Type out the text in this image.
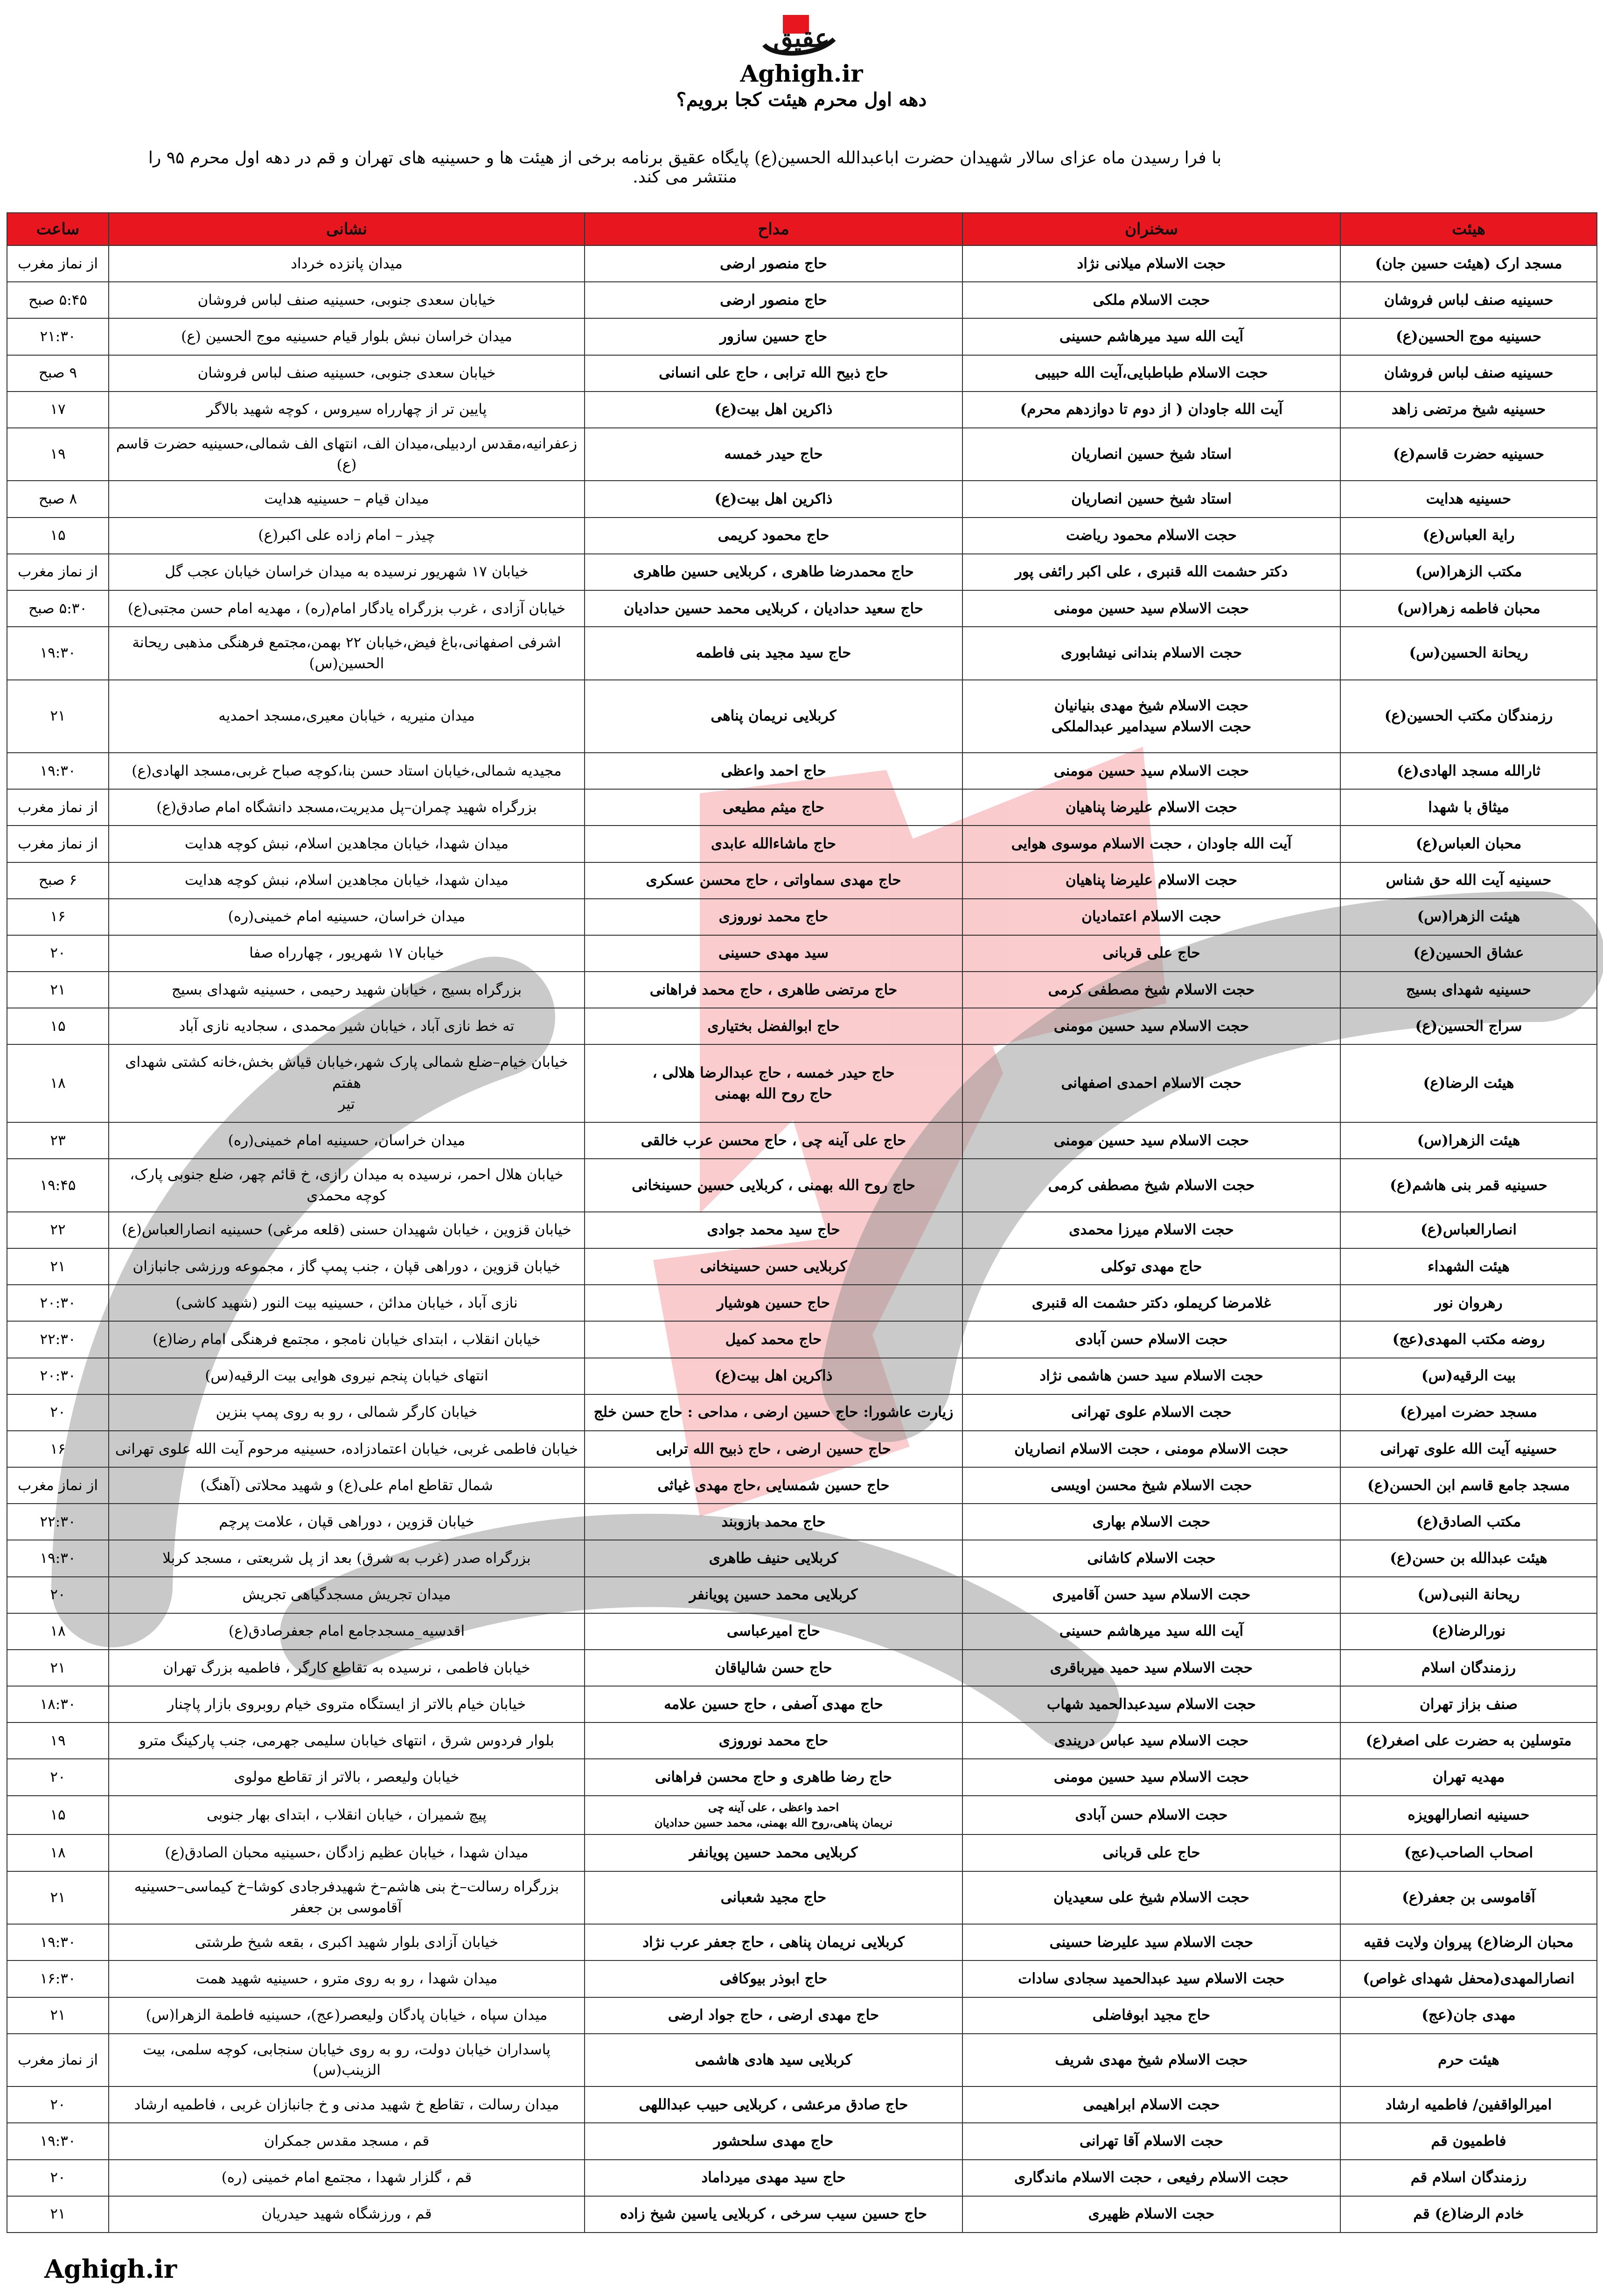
عقیق
Aghigh.ir
دهه اول محرم هیئت کجا برویم؟
با فرا رسیدن ماه عزای سالار شهیدان حضرت اباعبدالله الحسین(ع) پایگاه عقیق برنامه برخی از هیئت ها و حسینیه های تهران و قم در دهه اول محرم ۹۵ را منتشر می کند.
هیئت	سخنران	مداح	نشانی	ساعت

مسجد ارک (هیئت حسین جان)	حجت الاسلام میلانی نژاد	حاج منصور ارضی	میدان پانزده خرداد	از نماز مغرب

حسینیه صنف لباس فروشان	حجت الاسلام ملکی	حاج منصور ارضی	خیابان سعدی جنوبی، حسینیه صنف لباس فروشان	۵:۴۵ صبح

حسینیه موج الحسین(ع)	آیت الله سید میرهاشم حسینی	حاج حسین سازور	میدان خراسان نبش بلوار قیام حسینیه موج الحسین (ع)	۲۱:۳۰

حسینیه صنف لباس فروشان	حجت الاسلام طباطبایی،آیت الله حبیبی	حاج ذبیح الله ترابی ، حاج علی انسانی	خیابان سعدی جنوبی، حسینیه صنف لباس فروشان	۹ صبح

حسینیه شیخ مرتضی زاهد	آیت الله جاودان ( از دوم تا دوازدهم محرم)	ذاکرین اهل بیت(ع)	پایین تر از چهارراه سیروس ، کوچه شهید بالاگر	۱۷

حسینیه حضرت قاسم(ع)	استاد شیخ حسین انصاریان	حاج حیدر خمسه	زعفرانیه،مقدس اردبیلی،میدان الف، انتهای الف شمالی،حسینیه حضرت قاسم (ع)	۱۹

حسینیه هدایت	استاد شیخ حسین انصاریان	ذاکرین اهل بیت(ع)	میدان قیام – حسینیه هدایت	۸ صبح

رایة العباس(ع)	حجت الاسلام محمود ریاضت	حاج محمود کریمی	چیذر – امام زاده علی اکبر(ع)	۱۵

مکتب الزهرا(س)	دکتر حشمت الله قنبری ، علی اکبر رائفی پور	حاج محمدرضا طاهری ، کربلایی حسین طاهری	خیابان ۱۷ شهریور نرسیده به میدان خراسان خیابان عجب گل	از نماز مغرب

محبان فاطمه زهرا(س)	حجت الاسلام سید حسین مومنی	حاج سعید حدادیان ، کربلایی محمد حسین حدادیان	خیابان آزادی ، غرب بزرگراه یادگار امام(ره) ، مهدیه امام حسن مجتبی(ع)	۵:۳۰ صبح

ریحانة الحسین(س)	حجت الاسلام بندانی نیشابوری	حاج سید مجید بنی فاطمه	اشرفی اصفهانی،باغ فیض،خیابان ۲۲ بهمن،مجتمع فرهنگی مذهبی ریحانة الحسین(س)	۱۹:۳۰

رزمندگان مکتب الحسین(ع)	حجت الاسلام شیخ مهدی بنیانیان
حجت الاسلام سیدامیر عبدالملکی	کربلایی نریمان پناهی	میدان منیریه ، خیابان معیری،مسجد احمدیه	۲۱

ثارالله مسجد الهادی(ع)	حجت الاسلام سید حسین مومنی	حاج احمد واعظی	مجیدیه شمالی،خیابان استاد حسن بنا،کوچه صباح غربی،مسجد الهادی(ع)	۱۹:۳۰

میثاق با شهدا	حجت الاسلام علیرضا پناهیان	حاج میثم مطیعی	بزرگراه شهید چمران–پل مدیریت،مسجد دانشگاه امام صادق(ع)	از نماز مغرب

محبان العباس(ع)	آیت الله جاودان ، حجت الاسلام موسوی هوایی	حاج ماشاءالله عابدی	میدان شهدا، خیابان مجاهدین اسلام، نبش کوچه هدایت	از نماز مغرب

حسینیه آیت الله حق شناس	حجت الاسلام علیرضا پناهیان	حاج مهدی سماواتی ، حاج محسن عسکری	میدان شهدا، خیابان مجاهدین اسلام، نبش کوچه هدایت	۶ صبح

هیئت الزهرا(س)	حجت الاسلام اعتمادیان	حاج محمد نوروزی	میدان خراسان، حسینیه امام خمینی(ره)	۱۶

عشاق الحسین(ع)	حاج علی قربانی	سید مهدی حسینی	خیابان ۱۷ شهریور ، چهارراه صفا	۲۰

حسینیه شهدای بسیج	حجت الاسلام شیخ مصطفی کرمی	حاج مرتضی طاهری ، حاج محمد فراهانی	بزرگراه بسیج ، خیابان شهید رحیمی ، حسینیه شهدای بسیج	۲۱

سراج الحسین(ع)	حجت الاسلام سید حسین مومنی	حاج ابوالفضل بختیاری	ته خط نازی آباد ، خیابان شیر محمدی ، سجادیه نازی آباد	۱۵

هیئت الرضا(ع)	حجت الاسلام احمدی اصفهانی	حاج حیدر خمسه ، حاج عبدالرضا هلالی ،
حاج روح الله بهمنی	خیابان خیام–ضلع شمالی پارک شهر،خیابان قیاش بخش،خانه کشتی شهدای هفتم
تیر	۱۸

هیئت الزهرا(س)	حجت الاسلام سید حسین مومنی	حاج علی آینه چی ، حاج محسن عرب خالقی	میدان خراسان، حسینیه امام خمینی(ره)	۲۳

حسینیه قمر بنی هاشم(ع)	حجت الاسلام شیخ مصطفی کرمی	حاج روح الله بهمنی ، کربلایی حسین حسینخانی	خیابان هلال احمر، نرسیده به میدان رازی، خ قائم چهر، ضلع جنوبی پارک، کوچه محمدی	۱۹:۴۵

انصارالعباس(ع)	حجت الاسلام میرزا محمدی	حاج سید محمد جوادی	خیابان قزوین ، خیابان شهیدان حسنی (قلعه مرغی) حسینیه انصارالعباس(ع)	۲۲

هیئت الشهداء	حاج مهدی توکلی	کربلایی حسن حسینخانی	خیابان قزوین ، دوراهی قپان ، جنب پمپ گاز ، مجموعه ورزشی جانبازان	۲۱

رهروان نور	غلامرضا کریملو، دکتر حشمت اله قنبری	حاج حسین هوشیار	نازی آباد ، خیابان مدائن ، حسینیه بیت النور (شهید کاشی)	۲۰:۳۰

روضه مکتب المهدی(عج)	حجت الاسلام حسن آبادی	حاج محمد کمیل	خیابان انقلاب ، ابتدای خیابان نامجو ، مجتمع فرهنگی امام رضا(ع)	۲۲:۳۰

بیت الرقیه(س)	حجت الاسلام سید حسن هاشمی نژاد	ذاکرین اهل بیت(ع)	انتهای خیابان پنجم نیروی هوایی بیت الرقیه(س)	۲۰:۳۰

مسجد حضرت امیر(ع)	حجت الاسلام علوی تهرانی	زیارت عاشورا: حاج حسین ارضی ، مداحی : حاج حسن خلج	خیابان کارگر شمالی ، رو به روی پمپ بنزین	۲۰

حسینیه آیت الله علوی تهرانی	حجت الاسلام مومنی ، حجت الاسلام انصاریان	حاج حسین ارضی ، حاج ذبیح الله ترابی	خیابان فاطمی غربی، خیابان اعتمادزاده، حسینیه مرحوم آیت الله علوی تهرانی	۱۶

مسجد جامع قاسم ابن الحسن(ع)	حجت الاسلام شیخ محسن اویسی	حاج حسین شمسایی ،حاج مهدی غیاثی	شمال تقاطع امام علی(ع) و شهید محلاتی (آهنگ)	از نماز مغرب

مکتب الصادق(ع)	حجت الاسلام بهاری	حاج محمد بازوبند	خیابان قزوین ، دوراهی قپان ، علامت پرچم	۲۲:۳۰

هیئت عبدالله بن حسن(ع)	حجت الاسلام کاشانی	کربلایی حنیف طاهری	بزرگراه صدر (غرب به شرق) بعد از پل شریعتی ، مسجد کربلا	۱۹:۳۰

ریحانة النبی(س)	حجت الاسلام سید حسن آقامیری	کربلایی محمد حسین پویانفر	میدان تجریش مسجدگیاهی تجریش	۲۰

نورالرضا(ع)	آیت الله سید میرهاشم حسینی	حاج امیرعباسی	اقدسیه_مسجدجامع امام جعفرصادق(ع)	۱۸

رزمندگان اسلام	حجت الاسلام سید حمید میرباقری	حاج حسن شالیاقان	خیابان فاطمی ، نرسیده به تقاطع کارگر ، فاطمیه بزرگ تهران	۲۱

صنف بزاز تهران	حجت الاسلام سیدعبدالحمید شهاب	حاج مهدی آصفی ، حاج حسین علامه	خیابان خیام بالاتر از ایستگاه متروی خیام روبروی بازار پاچنار	۱۸:۳۰

متوسلین به حضرت علی اصغر(ع)	حجت الاسلام سید عباس دریندی	حاج محمد نوروزی	بلوار فردوس شرق ، انتهای خیابان سلیمی جهرمی، جنب پارکینگ مترو	۱۹

مهدیه تهران	حجت الاسلام سید حسین مومنی	حاج رضا طاهری و حاج محسن فراهانی	خیابان ولیعصر ، بالاتر از تقاطع مولوی	۲۰

حسینیه انصارالهویزه	حجت الاسلام حسن آبادی	احمد واعظی ، علی آینه چی
نریمان پناهی،روح الله بهمنی، محمد حسین حدادیان	پیچ شمیران ، خیابان انقلاب ، ابتدای بهار جنوبی	۱۵

اصحاب الصاحب(عج)	حاج علی قربانی	کربلایی محمد حسین پویانفر	میدان شهدا ، خیابان عظیم زادگان ،حسینیه محبان الصادق(ع)	۱۸

آقاموسی بن جعفر(ع)	حجت الاسلام شیخ علی سعیدیان	حاج مجید شعبانی	بزرگراه رسالت–خ بنی هاشم–خ شهیدفرجادی کوشا–خ کیماسی–حسینیه آقاموسی بن جعفر	۲۱

محبان الرضا(ع) پیروان ولایت فقیه	حجت الاسلام سید علیرضا حسینی	کربلایی نریمان پناهی ، حاج جعفر عرب نژاد	خیابان آزادی بلوار شهید اکبری ، بقعه شیخ طرشتی	۱۹:۳۰

انصارالمهدی(محفل شهدای غواص)	حجت الاسلام سید عبدالحمید سجادی سادات	حاج ابوذر بیوکافی	میدان شهدا ، رو به روی مترو ، حسینیه شهید همت	۱۶:۳۰

مهدی جان(عج)	حاج مجید ابوفاضلی	حاج مهدی ارضی ، حاج جواد ارضی	میدان سپاه ، خیابان پادگان ولیعصر(عج)، حسینیه فاطمة الزهرا(س)	۲۱

هیئت حرم	حجت الاسلام شیخ مهدی شریف	کربلایی سید هادی هاشمی	پاسداران خیابان دولت، رو به روی خیابان سنجابی، کوچه سلمی، بیت الزینب(س)	از نماز مغرب

امیرالواقفین/ فاطمیه ارشاد	حجت الاسلام ابراهیمی	حاج صادق مرعشی ، کربلایی حبیب عبداللهی	میدان رسالت ، تقاطع خ شهید مدنی و خ جانبازان غربی ، فاطمیه ارشاد	۲۰

فاطمیون قم	حجت الاسلام آقا تهرانی	حاج مهدی سلحشور	قم ، مسجد مقدس جمکران	۱۹:۳۰

رزمندگان اسلام قم	حجت الاسلام رفیعی ، حجت الاسلام ماندگاری	حاج سید مهدی میرداماد	قم ، گلزار شهدا ، مجتمع امام خمینی (ره)	۲۰

خادم الرضا(ع) قم	حجت الاسلام ظهیری	حاج حسین سیب سرخی ، کربلایی یاسین شیخ زاده	قم ، ورزشگاه شهید حیدریان	۲۱
Aghigh.ir
